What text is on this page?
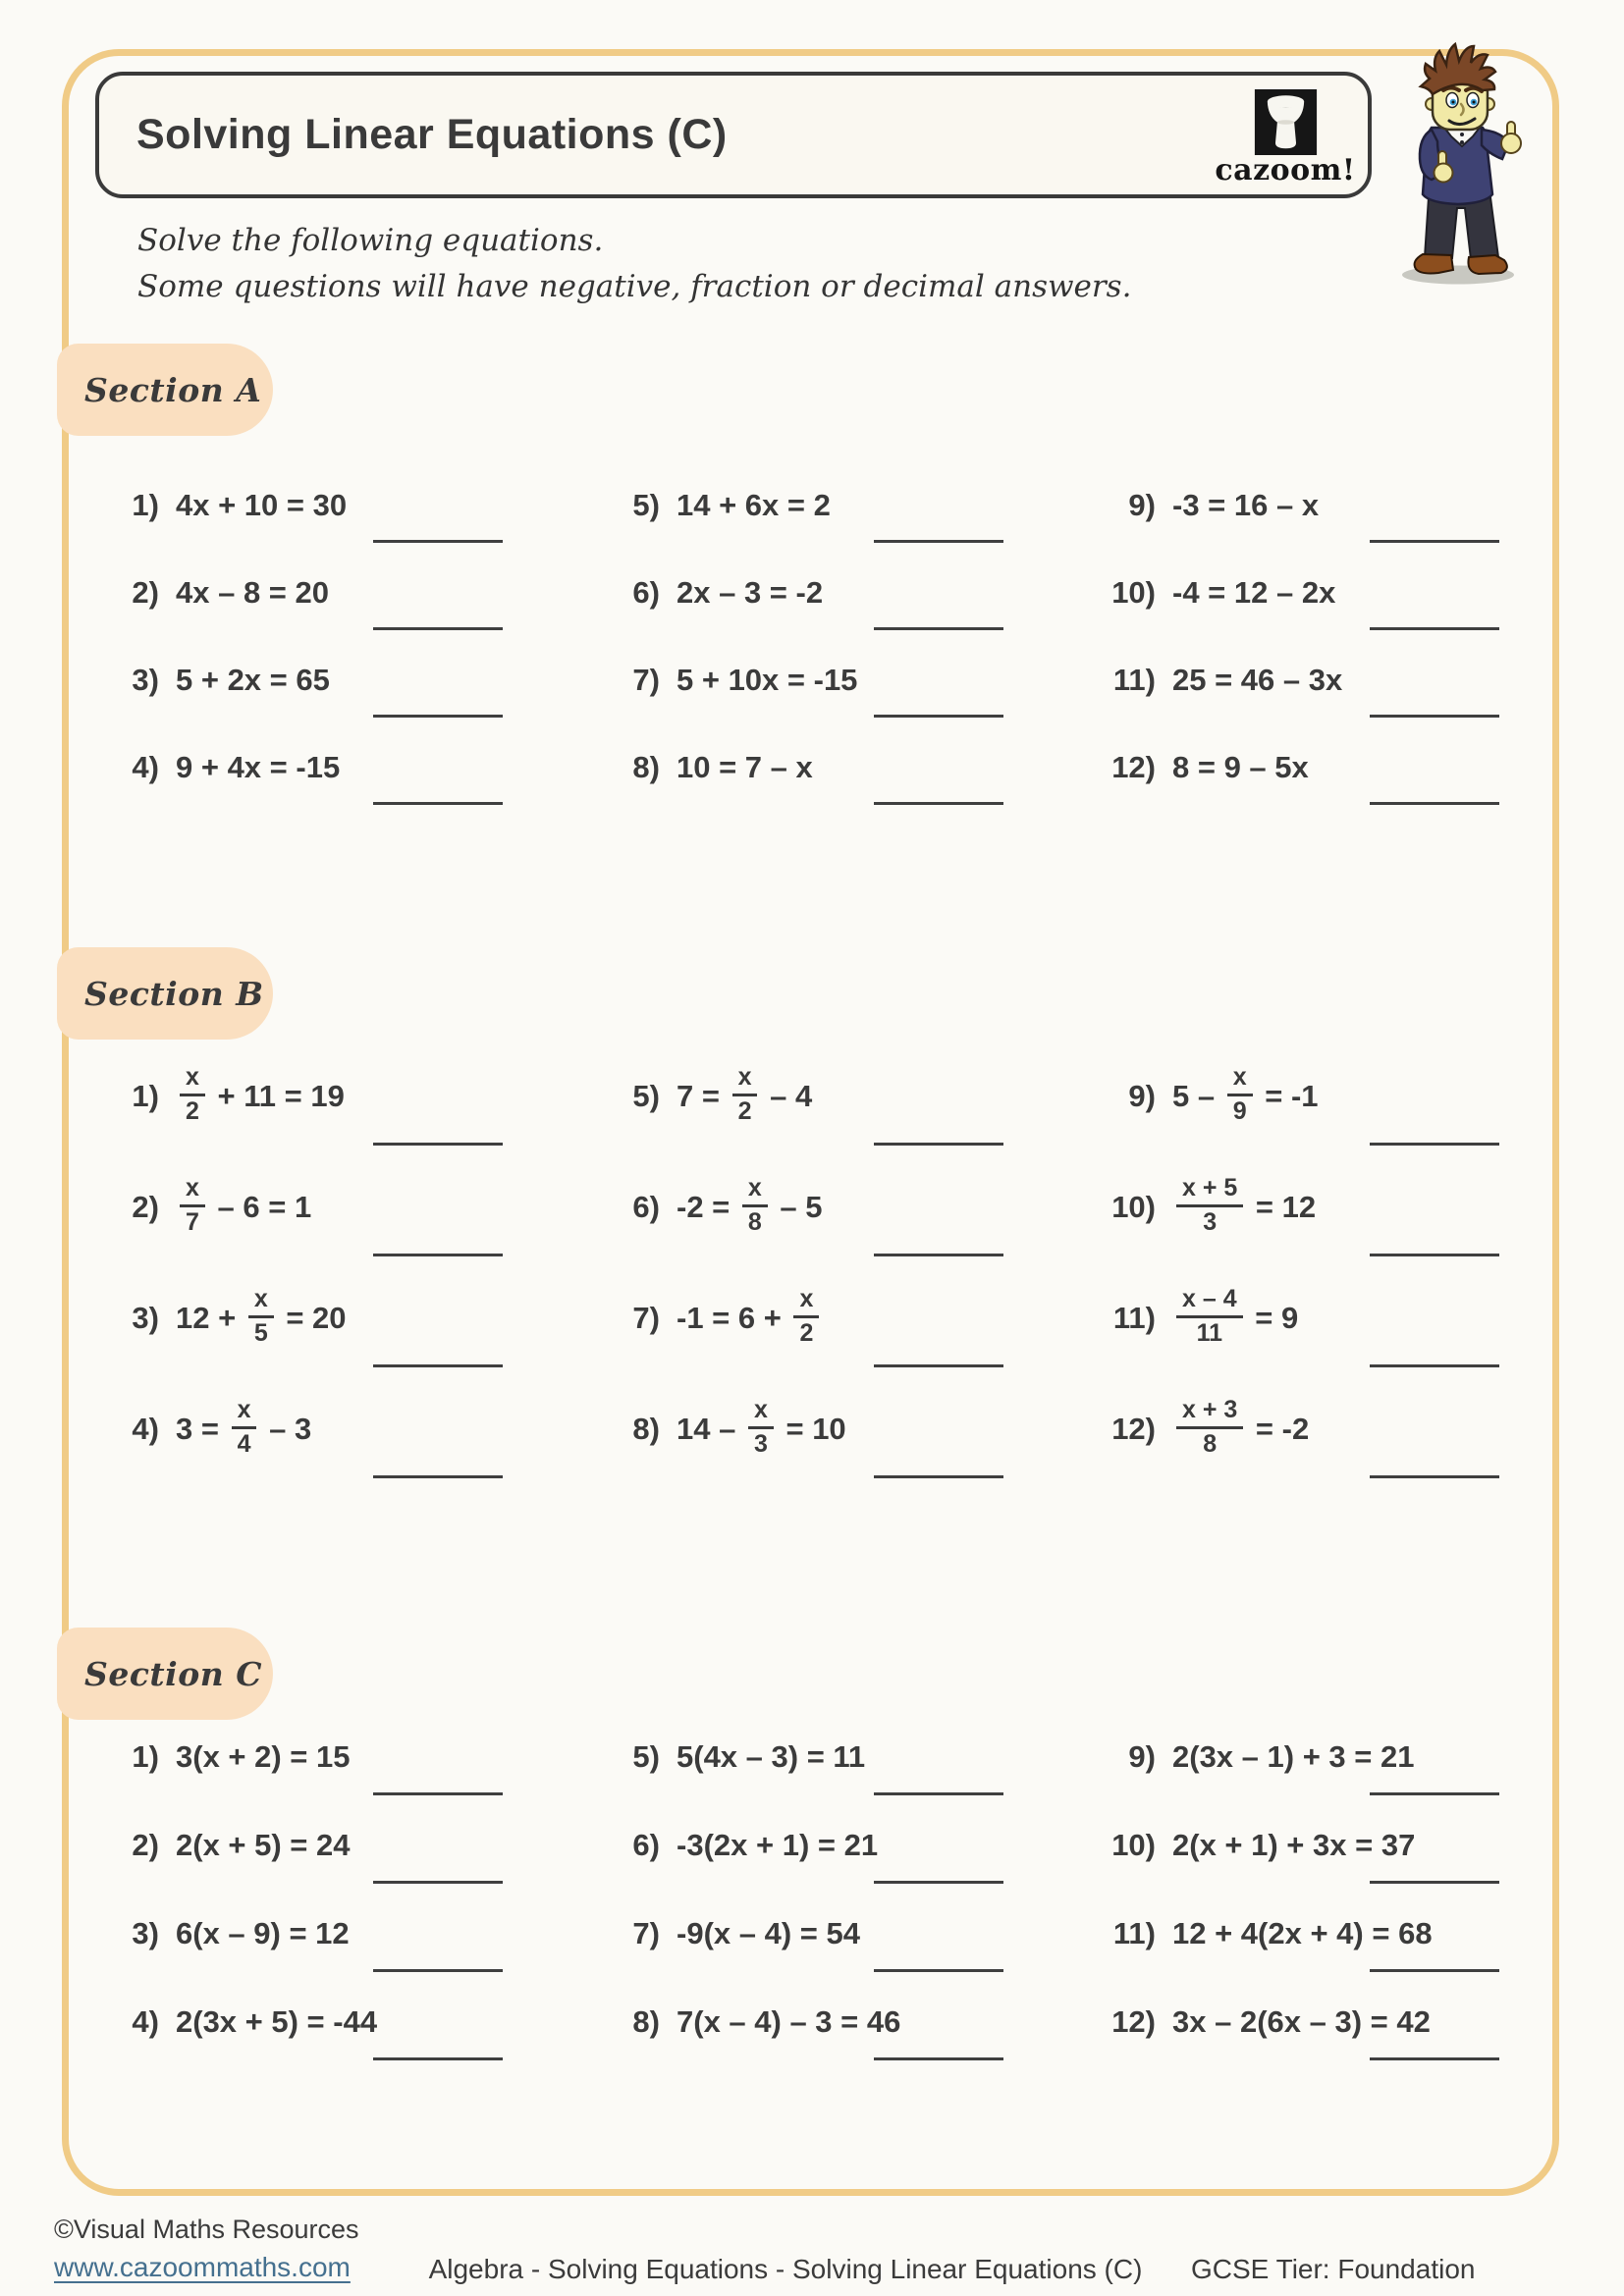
Solving Linear Equations (C)
cazoom!
Solve the following equations.
Some questions will have negative, fraction or decimal answers.
Section A
1) 4x + 10 = 30
2) 4x – 8 = 20
3) 5 + 2x = 65
4) 9 + 4x = -15
5) 14 + 6x = 2
6) 2x – 3 = -2
7) 5 + 10x = -15
8) 10 = 7 – x
9) -3 = 16 – x
10) -4 = 12 – 2x
11) 25 = 46 – 3x
12) 8 = 9 – 5x
Section B
$1) \frac{x}{2} + 11 = 19$
$2) \frac{x}{7} - 6 = 1$
3) $12 + \frac{x}{5} = 20$
4) $3 = \frac{x}{4} - 3$
5) $7 = \frac{x}{2} - 4$
6) $-2 = \frac{x}{8} - 5$
7) $-1 = 6 + \frac{x}{2}$
8) $14 - \frac{x}{3} = 10$
9) $5 - \frac{x}{9} = -1$
$10) \frac{x + 5}{3} = 12$
$11) \frac{x - 4}{11} = 9$
$12) \frac{x + 3}{8} = -2$
Section C
1) 3(x + 2) = 15
2) 2(x + 5) = 24
3) 6(x – 9) = 12
4) 2(3x + 5) = -44
5) 5(4x – 3) = 11
6) -3(2x + 1) = 21
7) -9(x – 4) = 54
8) 7(x – 4) – 3 = 46
9) 2(3x – 1) + 3 = 21
10) 2(x + 1) + 3x = 37
11) 12 + 4(2x + 4) = 68
12) 3x – 2(6x – 3) = 42
©Visual Maths Resources
www.cazoommaths.com	Algebra - Solving Equations - Solving Linear Equations (C)	GCSE Tier: Foundation
